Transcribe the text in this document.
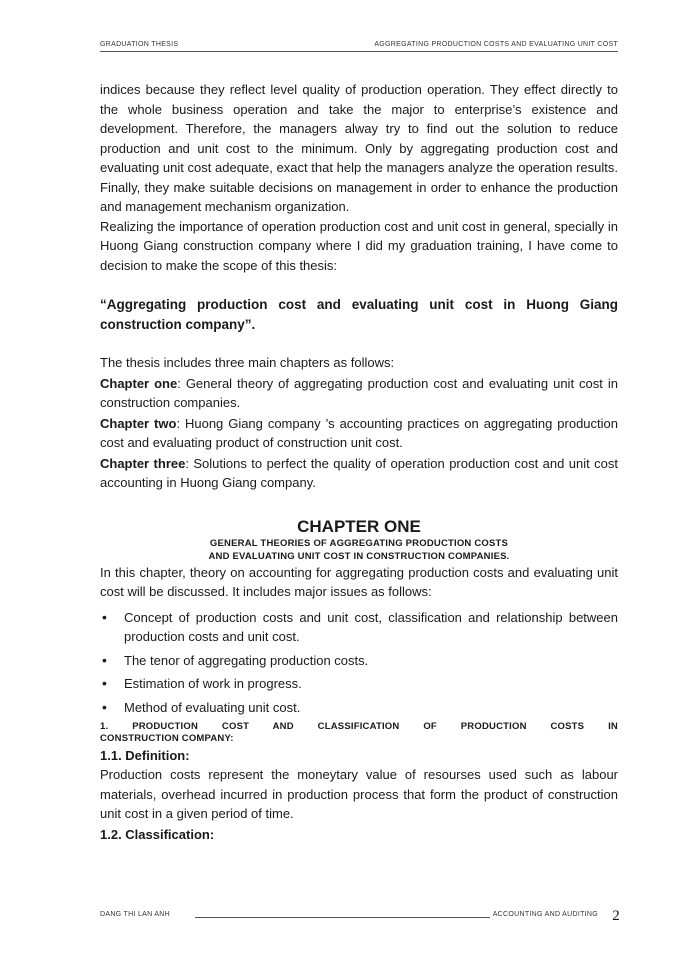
GRADUATION THESIS	AGGREGATING PRODUCTION COSTS AND EVALUATING UNIT COST

indices because they reflect level quality of production operation. They effect directly to the whole business operation and take the major to enterprise’s existence and development. Therefore, the managers alway try to find out the solution to reduce production and unit cost to the minimum. Only by aggregating production cost and evaluating unit cost adequate, exact that help the managers analyze the operation results. Finally, they make suitable decisions on management in order to enhance the production and management mechanism organization.

Realizing the importance of operation production cost and unit cost in general, specially in Huong Giang construction company where I did my graduation training, I have come to decision to make the scope of this thesis:

“Aggregating production cost and evaluating unit cost in Huong Giang construction company”.

The thesis includes three main chapters as follows:

Chapter one: General theory of aggregating production cost and evaluating unit cost in construction companies.

Chapter two: Huong Giang company ’s accounting practices on aggregating production cost and evaluating product of construction unit cost.

Chapter three: Solutions to perfect the quality of operation production cost and unit cost accounting in Huong Giang company.

CHAPTER ONE
GENERAL THEORIES OF AGGREGATING PRODUCTION COSTS
AND EVALUATING UNIT COST IN CONSTRUCTION COMPANIES.

In this chapter, theory on accounting for aggregating production costs and evaluating unit cost will be discussed. It includes major issues as follows:

• Concept of production costs and unit cost, classification and relationship between production costs and unit cost.
• The tenor of aggregating production costs.
• Estimation of work in progress.
• Method of evaluating unit cost.
1. PRODUCTION COST AND CLASSIFICATION OF PRODUCTION COSTS IN
CONSTRUCTION COMPANY:
1.1. Definition:

Production costs represent the moneytary value of resourses used such as labour materials, overhead incurred in production process that form the product of construction unit cost in a given period of time.

1.2. Classification:
DANG THI LAN ANH	ACCOUNTING AND AUDITING 2
